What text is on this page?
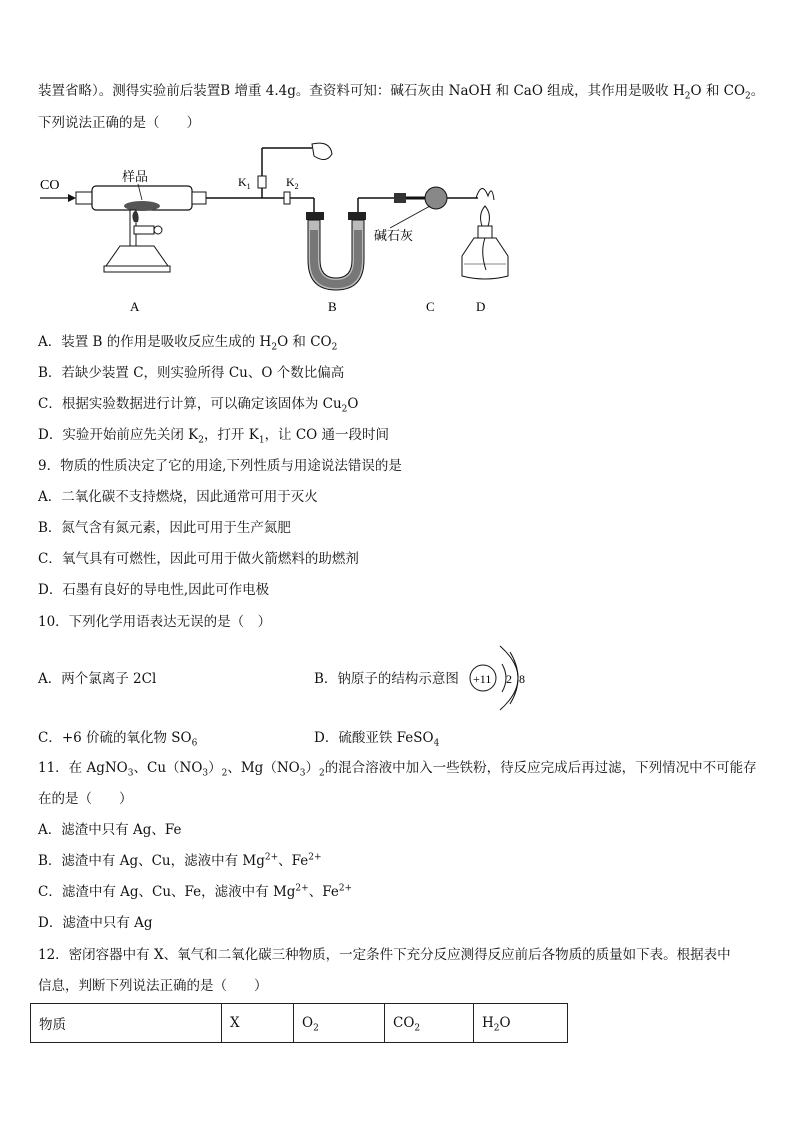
装置省略）。测得实验前后装置B 增重 4.4g。查资料可知：碱石灰由 NaOH 和 CaO 组成，其作用是吸收 $H_2O$ 和 $CO_2$。
下列说法正确的是（　　）
CO
样品	$K_1$	$K_2$
碱石灰
A	B	C	D
A．装置 B 的作用是吸收反应生成的 $H_2O$ 和 $CO_2$
B．若缺少装置 C，则实验所得 Cu、O 个数比偏高
C．根据实验数据进行计算，可以确定该固体为 $Cu_2O$
D．实验开始前应先关闭 $K_2$，打开 $K_1$，让 CO 通一段时间
9．物质的性质决定了它的用途,下列性质与用途说法错误的是
A．二氧化碳不支持燃烧，因此通常可用于灭火
B．氮气含有氮元素，因此可用于生产氮肥
C．氧气具有可燃性，因此可用于做火箭燃料的助燃剂
D．石墨有良好的导电性,因此可作电极
10．下列化学用语表达无误的是（　）
A．两个氯离子 2Cl	B．钠原子的结构示意图 +11 2 8
C．+6 价硫的氧化物 $SO_6$	D．硫酸亚铁 FeSO$_4$
11．在 AgNO$_3$、$Cu(NO_3)_2$、$Mg(NO_3)_2$的混合溶液中加入一些铁粉，待反应完成后再过滤，下列情况中不可能存
在的是（　　）
A．滤渣中只有 Ag、Fe
B．滤渣中有 Ag、Cu，滤液中有 $Mg^{2+}$、$Fe^{2+}$
C．滤渣中有 Ag、Cu、Fe，滤液中有 $Mg^{2+}$、$Fe^{2+}$
D．滤渣中只有 Ag
12．密闭容器中有 X、氧气和二氧化碳三种物质，一定条件下充分反应测得反应前后各物质的质量如下表。根据表中
信息，判断下列说法正确的是（　　）
物质	X	$O_2$	$CO_2$	$H_2O$
